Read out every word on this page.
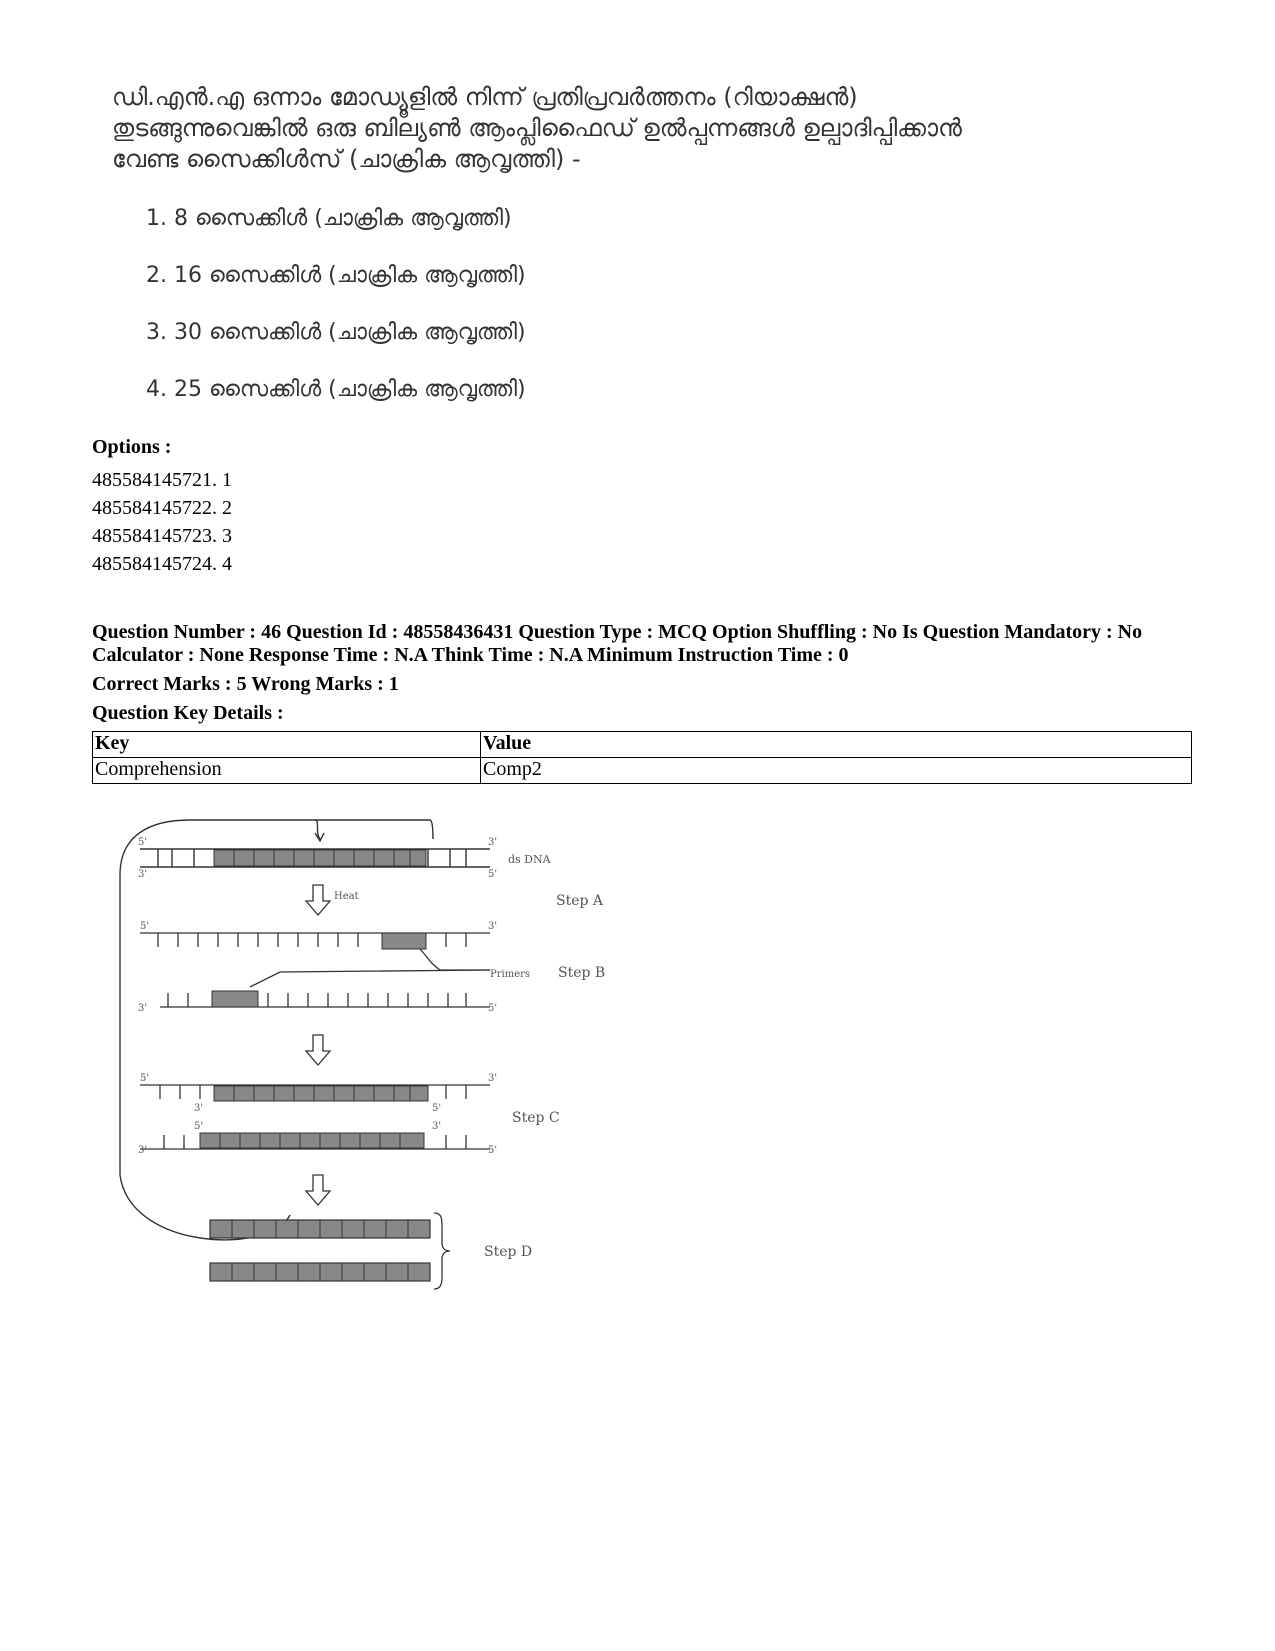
ഡി.എൻ.എ ഒന്നാം മോഡ്യൂളിൽ നിന്ന് പ്രതിപ്രവർത്തനം (റിയാക്ഷൻ)

തുടങ്ങുന്നുവെങ്കിൽ ഒരു ബില്യൺ ആംപ്ലിഫൈഡ് ഉൽപ്പന്നങ്ങൾ ഉല്പാദിപ്പിക്കാൻ

വേണ്ട സൈക്കിൾസ് (ചാക്രിക ആവൃത്തി) -

1. 8 സൈക്കിൾ (ചാക്രിക ആവൃത്തി)
2. 16 സൈക്കിൾ (ചാക്രിക ആവൃത്തി)
3. 30 സൈക്കിൾ (ചാക്രിക ആവൃത്തി)
4. 25 സൈക്കിൾ (ചാക്രിക ആവൃത്തി)
Options :
485584145721. 1
485584145722. 2
485584145723. 3
485584145724. 4
Question Number : 46 Question Id : 48558436431 Question Type : MCQ Option Shuffling : No Is Question Mandatory : No Calculator : None Response Time : N.A Think Time : N.A Minimum Instruction Time : 0
Correct Marks : 5 Wrong Marks : 1
Question Key Details :
Key	Value
Comprehension	Comp2
5'
3'
3'
5'
ds DNA
Heat	Step A
5'	3'
3'	5'
Primers Step B
5'	3'
3'	5'
5'	3'
3'	5'
Step C
Step D
